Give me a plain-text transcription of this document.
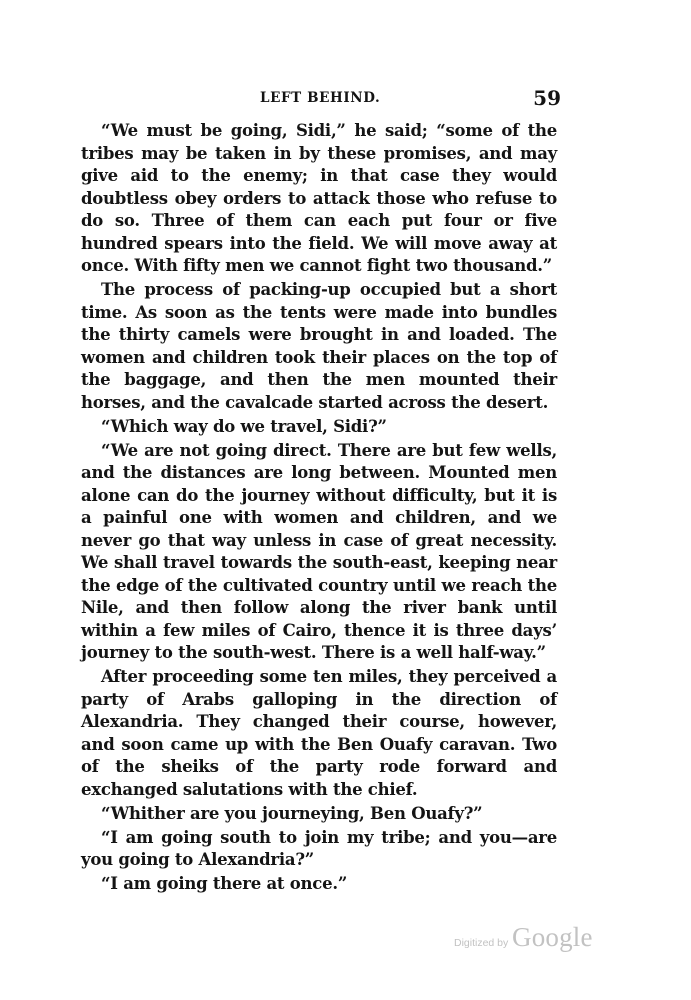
LEFT BEHIND.	59

“We must be going, Sidi,” he said; “some of the tribes may be taken in by these promises, and may give aid to the enemy; in that case they would doubtless obey orders to attack those who refuse to do so. Three of them can each put four or five hundred spears into the field. We will move away at once. With fifty men we cannot fight two thousand.”

The process of packing-up occupied but a short time. As soon as the tents were made into bundles the thirty camels were brought in and loaded. The women and children took their places on the top of the baggage, and then the men mounted their horses, and the cavalcade started across the desert.

“Which way do we travel, Sidi?”

“We are not going direct. There are but few wells, and the distances are long between. Mounted men alone can do the journey without difficulty, but it is a painful one with women and children, and we never go that way unless in case of great necessity. We shall travel towards the south-east, keeping near the edge of the cultivated country until we reach the Nile, and then follow along the river bank until within a few miles of Cairo, thence it is three days’ journey to the south-west. There is a well half-way.”

After proceeding some ten miles, they perceived a party of Arabs galloping in the direction of Alexandria. They changed their course, however, and soon came up with the Ben Ouafy caravan. Two of the sheiks of the party rode forward and exchanged salutations with the chief.

“Whither are you journeying, Ben Ouafy?”

“I am going south to join my tribe; and you—are you going to Alexandria?”

“I am going there at once.”

Digitized by Google
